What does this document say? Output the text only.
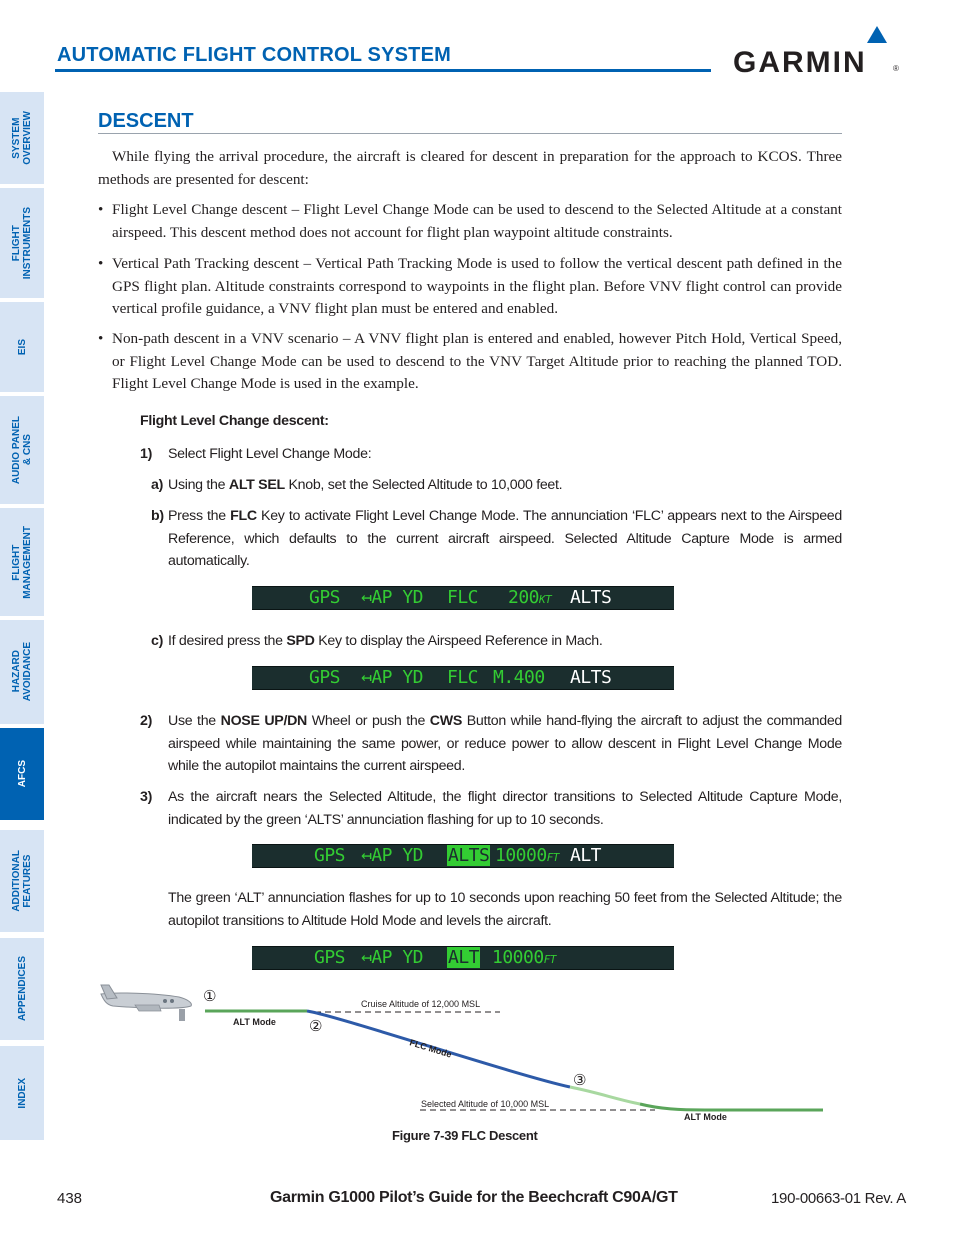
AUTOMATIC FLIGHT CONTROL SYSTEM	GARMIN	®
SYSTEM
OVERVIEW
FLIGHT
INSTRUMENTS
EIS
AUDIO PANEL
& CNS
FLIGHT
MANAGEMENT
HAZARD
AVOIDANCE
AFCS
ADDITIONAL
FEATURES
APPENDICES
INDEX
DESCENT
While flying the arrival procedure, the aircraft is cleared for descent in preparation for the approach to KCOS. Three methods are presented for descent:
• Flight Level Change descent – Flight Level Change Mode can be used to descend to the Selected Altitude at a constant airspeed. This descent method does not account for flight plan waypoint altitude constraints.
• Vertical Path Tracking descent – Vertical Path Tracking Mode is used to follow the vertical descent path defined in the GPS flight plan. Altitude constraints correspond to waypoints in the flight plan. Before VNV flight control can provide vertical profile guidance, a VNV flight plan must be entered and enabled.
• Non-path descent in a VNV scenario – A VNV flight plan is entered and enabled, however Pitch Hold, Vertical Speed, or Flight Level Change Mode can be used to descend to the VNV Target Altitude prior to reaching the planned TOD. Flight Level Change Mode is used in the example.
Flight Level Change descent:
1) Select Flight Level Change Mode:
a) Using the ALT SEL Knob, set the Selected Altitude to 10,000 feet.
b) Press the FLC Key to activate Flight Level Change Mode. The annunciation ‘FLC’ appears next to the Airspeed Reference, which defaults to the current aircraft airspeed. Selected Altitude Capture Mode is armed automatically.
GPS ↤AP YD FLC 200KT ALTS
c) If desired press the SPD Key to display the Airspeed Reference in Mach.
GPS ↤AP YD FLC M.400 ALTS
2) Use the NOSE UP/DN Wheel or push the CWS Button while hand-flying the aircraft to adjust the commanded airspeed while maintaining the same power, or reduce power to allow descent in Flight Level Change Mode while the autopilot maintains the current airspeed.
3) As the aircraft nears the Selected Altitude, the flight director transitions to Selected Altitude Capture Mode, indicated by the green ‘ALTS’ annunciation flashing for up to 10 seconds.
GPS ↤AP YD ALTS 10000FT ALT
The green ‘ALT’ annunciation flashes for up to 10 seconds upon reaching 50 feet from the Selected Altitude; the autopilot transitions to Altitude Hold Mode and levels the aircraft.
GPS ↤AP YD ALT 10000FT
①
②
③
Cruise Altitude of 12,000 MSL
ALT Mode
FLC Mode
Selected Altitude of 10,000 MSL
ALT Mode
Figure 7-39 FLC Descent
438	Garmin G1000 Pilot’s Guide for the Beechcraft C90A/GT	190-00663-01 Rev. A
